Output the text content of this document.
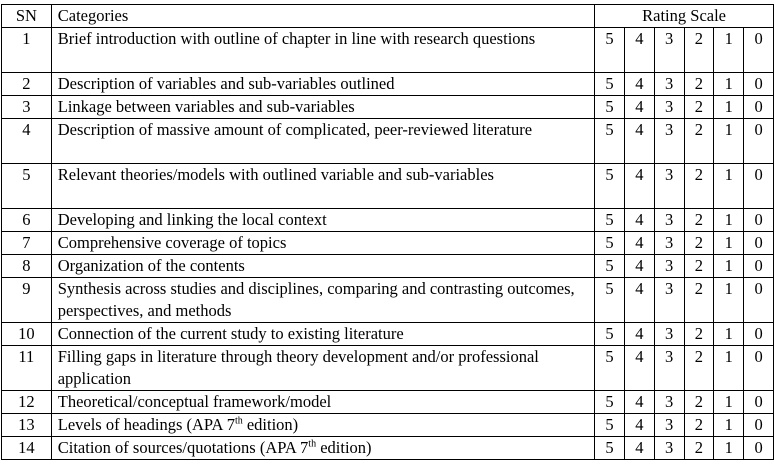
SN	Categories	Rating Scale					
1	Brief introduction with outline of chapter in line with research questions	5	4	3	2	1	0
2	Description of variables and sub-variables outlined	5	4	3	2	1	0
3	Linkage between variables and sub-variables	5	4	3	2	1	0
4	Description of massive amount of complicated, peer-reviewed literature	5	4	3	2	1	0
5	Relevant theories/models with outlined variable and sub-variables	5	4	3	2	1	0
6	Developing and linking the local context	5	4	3	2	1	0
7	Comprehensive coverage of topics	5	4	3	2	1	0
8	Organization of the contents	5	4	3	2	1	0
9	Synthesis across studies and disciplines, comparing and contrasting outcomes, perspectives, and methods	5	4	3	2	1	0
10	Connection of the current study to existing literature	5	4	3	2	1	0
11	Filling gaps in literature through theory development and/or professional application	5	4	3	2	1	0
12	Theoretical/conceptual framework/model	5	4	3	2	1	0
13	Levels of headings (APA 7th edition)	5	4	3	2	1	0
14	Citation of sources/quotations (APA 7th edition)	5	4	3	2	1	0
